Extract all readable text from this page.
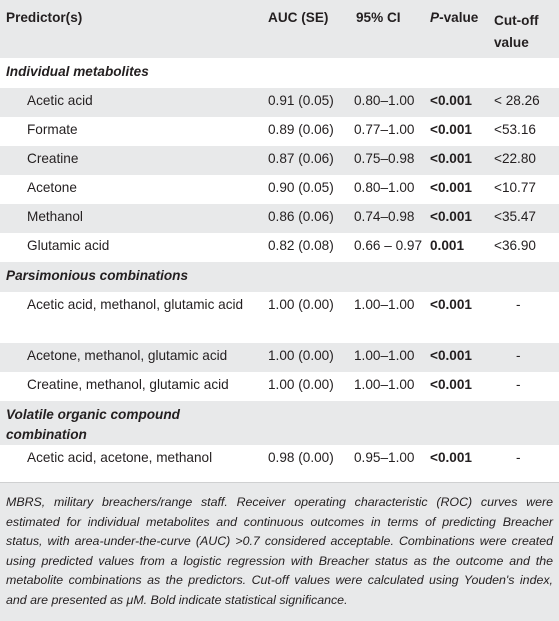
Predictor(s)	AUC (SE)	95% CI	P-value	Cut-off value

Individual metabolites				
Acetic acid	0.91 (0.05)	0.80–1.00	<0.001	< 28.26
Formate	0.89 (0.06)	0.77–1.00	<0.001	<53.16
Creatine	0.87 (0.06)	0.75–0.98	<0.001	<22.80
Acetone	0.90 (0.05)	0.80–1.00	<0.001	<10.77
Methanol	0.86 (0.06)	0.74–0.98	<0.001	<35.47
Glutamic acid	0.82 (0.08)	0.66 – 0.97	0.001	<36.90
Parsimonious combinations				
Acetic acid, methanol, glutamic acid	1.00 (0.00)	1.00–1.00	<0.001	-
Acetone, methanol, glutamic acid	1.00 (0.00)	1.00–1.00	<0.001	-
Creatine, methanol, glutamic acid	1.00 (0.00)	1.00–1.00	<0.001	-
Volatile organic compound combination				
Acetic acid, acetone, methanol	0.98 (0.00)	0.95–1.00	<0.001	-
MBRS, military breachers/range staff. Receiver operating characteristic (ROC) curves were estimated for individual metabolites and continuous outcomes in terms of predicting Breacher status, with area-under-the-curve (AUC) >0.7 considered acceptable. Combinations were created using predicted values from a logistic regression with Breacher status as the outcome and the metabolite combinations as the predictors. Cut-off values were calculated using Youden's index, and are presented as μM. Bold indicate statistical significance.				
